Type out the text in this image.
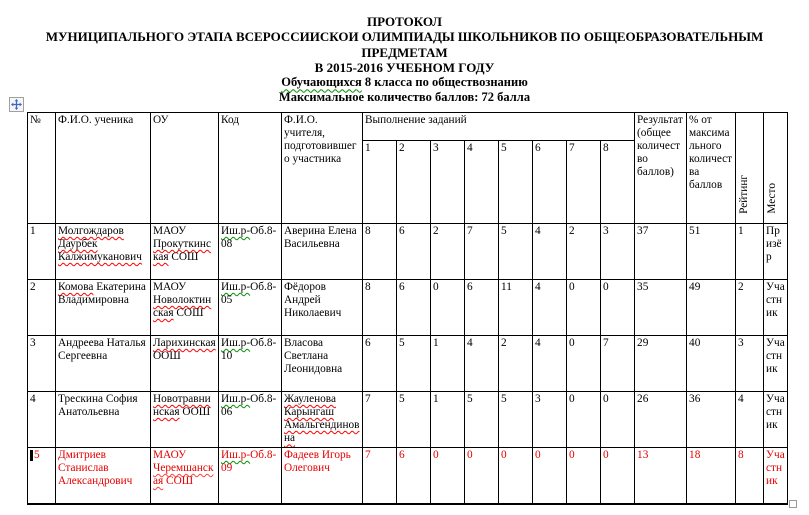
ПРОТОКОЛ
МУНИЦИПАЛЬНОГО ЭТАПА ВСЕРОССИИСКОИ ОЛИМПИАДЫ ШКОЛЬНИКОВ ПО ОБЩЕОБРАЗОВАТЕЛЬНЫМ
ПРЕДМЕТАМ
В 2015-2016 УЧЕБНОМ ГОДУ
Обучающихся 8 класса по обществознанию
Максимальное количество баллов: 72 балла
№	Ф.И.О. ученика	ОУ	Код	Ф.И.О. учителя, подготовившего участника	Выполнение заданий								Результат (общее количество баллов)	% от максимального количества баллов	Рейтинг	Место
					1	2	3	4	5	6	7	8				
1	Молгождаров Даурбек Калжимуканович	МАОУ Прокуткинская СОШ	Иш.р-Об.8-08	Аверина Елена Васильевна	8	6	2	7	5	4	2	3	37	51	1	Призёр
2	Комова Екатерина Владимировна	МАОУ Новолоктинская СОШ	Иш.р-Об.8-05	Фёдоров Андрей Николаевич	8	6	0	6	11	4	0	0	35	49	2	Участник
3	Андреева Наталья Сергеевна	Ларихинская ООШ	Иш.р-Об.8-10	Власова Светлана Леонидовна	6	5	1	4	2	4	0	7	29	40	3	Участник
4	Трескина София Анатольевна	Новотравнинская ООШ	Иш.р-Об.8-06	Жауленова Карынгаш Амальгендиновна	7	5	1	5	5	3	0	0	26	36	4	Участник
5	Дмитриев Станислав Александрович	МАОУ Черемшанская СОШ	Иш.р-Об.8-09	Фадеев Игорь Олегович	7	6	0	0	0	0	0	0	13	18	8	Участник
